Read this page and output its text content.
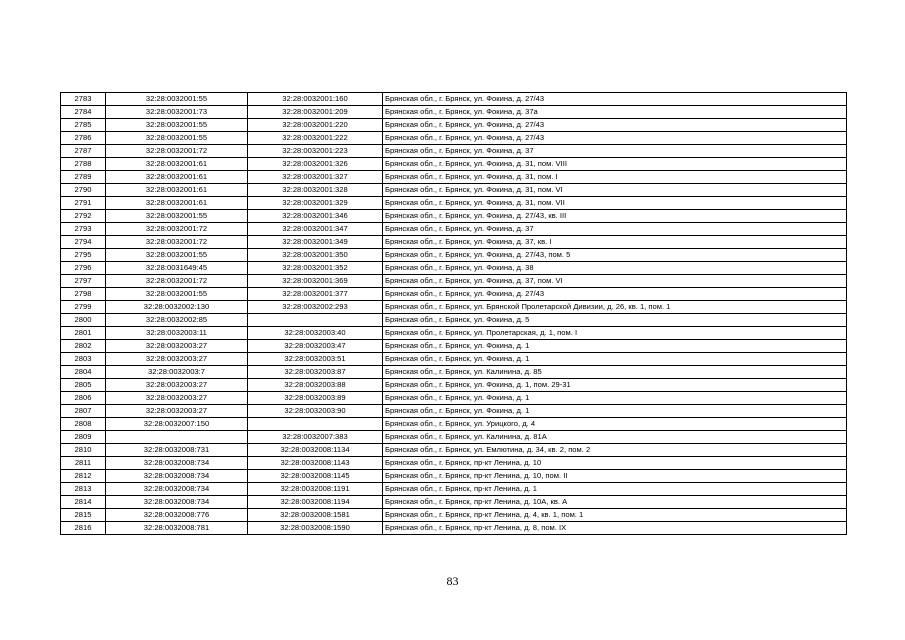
2783	32:28:0032001:55	32:28:0032001:160	Брянская обл., г. Брянск, ул. Фокина, д. 27/43
2784	32:28:0032001:73	32:28:0032001:209	Брянская обл., г. Брянск, ул. Фокина, д. 37а
2785	32:28:0032001:55	32:28:0032001:220	Брянская обл., г. Брянск, ул. Фокина, д. 27/43
2786	32:28:0032001:55	32:28:0032001:222	Брянская обл., г. Брянск, ул. Фокина, д. 27/43
2787	32:28:0032001:72	32:28:0032001:223	Брянская обл., г. Брянск, ул. Фокина, д. 37
2788	32:28:0032001:61	32:28:0032001:326	Брянская обл., г. Брянск, ул. Фокина, д. 31, пом. VIII
2789	32:28:0032001:61	32:28:0032001:327	Брянская обл., г. Брянск, ул. Фокина, д. 31, пом. I
2790	32:28:0032001:61	32:28:0032001:328	Брянская обл., г. Брянск, ул. Фокина, д. 31, пом. VI
2791	32:28:0032001:61	32:28:0032001:329	Брянская обл., г. Брянск, ул. Фокина, д. 31, пом. VII
2792	32:28:0032001:55	32:28:0032001:346	Брянская обл., г. Брянск, ул. Фокина, д. 27/43, кв. III
2793	32:28:0032001:72	32:28:0032001:347	Брянская обл., г. Брянск, ул. Фокина, д. 37
2794	32:28:0032001:72	32:28:0032001:349	Брянская обл., г. Брянск, ул. Фокина, д. 37, кв. I
2795	32:28:0032001:55	32:28:0032001:350	Брянская обл., г. Брянск, ул. Фокина, д. 27/43, пом. 5
2796	32:28:0031649:45	32:28:0032001:352	Брянская обл., г. Брянск, ул. Фокина, д. 38
2797	32:28:0032001:72	32:28:0032001:369	Брянская обл., г. Брянск, ул. Фокина, д. 37, пом. VI
2798	32:28:0032001:55	32:28:0032001:377	Брянская обл., г. Брянск, ул. Фокина, д. 27/43
2799	32:28:0032002:130	32:28:0032002:293	Брянская обл., г. Брянск, ул. Брянской Пролетарской Дивизии, д. 26, кв. 1, пом. 1
2800	32:28:0032002:85		Брянская обл., г. Брянск, ул. Фокина, д. 5
2801	32:28:0032003:11	32:28:0032003:40	Брянская обл., г. Брянск, ул. Пролетарская, д. 1, пом. I
2802	32:28:0032003:27	32:28:0032003:47	Брянская обл., г. Брянск, ул. Фокина, д. 1
2803	32:28:0032003:27	32:28:0032003:51	Брянская обл., г. Брянск, ул. Фокина, д. 1
2804	32:28:0032003:7	32:28:0032003:87	Брянская обл., г. Брянск, ул. Калинина, д. 85
2805	32:28:0032003:27	32:28:0032003:88	Брянская обл., г. Брянск, ул. Фокина, д. 1, пом. 29-31
2806	32:28:0032003:27	32:28:0032003:89	Брянская обл., г. Брянск, ул. Фокина, д. 1
2807	32:28:0032003:27	32:28:0032003:90	Брянская обл., г. Брянск, ул. Фокина, д. 1
2808	32:28:0032007:150		Брянская обл., г. Брянск, ул. Урицкого, д. 4
2809		32:28:0032007:383	Брянская обл., г. Брянск, ул. Калинина, д. 81А
2810	32:28:0032008:731	32:28:0032008:1134	Брянская обл., г. Брянск, ул. Емлютина, д. 34, кв. 2, пом. 2
2811	32:28:0032008:734	32:28:0032008:1143	Брянская обл., г. Брянск, пр-кт Ленина, д. 10
2812	32:28:0032008:734	32:28:0032008:1145	Брянская обл., г. Брянск, пр-кт Ленина, д. 10, пом. II
2813	32:28:0032008:734	32:28:0032008:1191	Брянская обл., г. Брянск, пр-кт Ленина, д. 1
2814	32:28:0032008:734	32:28:0032008:1194	Брянская обл., г. Брянск, пр-кт Ленина, д. 10А, кв. А
2815	32:28:0032008:776	32:28:0032008:1581	Брянская обл., г. Брянск, пр-кт Ленина, д. 4, кв. 1, пом. 1
2816	32:28:0032008:781	32:28:0032008:1590	Брянская обл., г. Брянск, пр-кт Ленина, д. 8, пом. IX
83
